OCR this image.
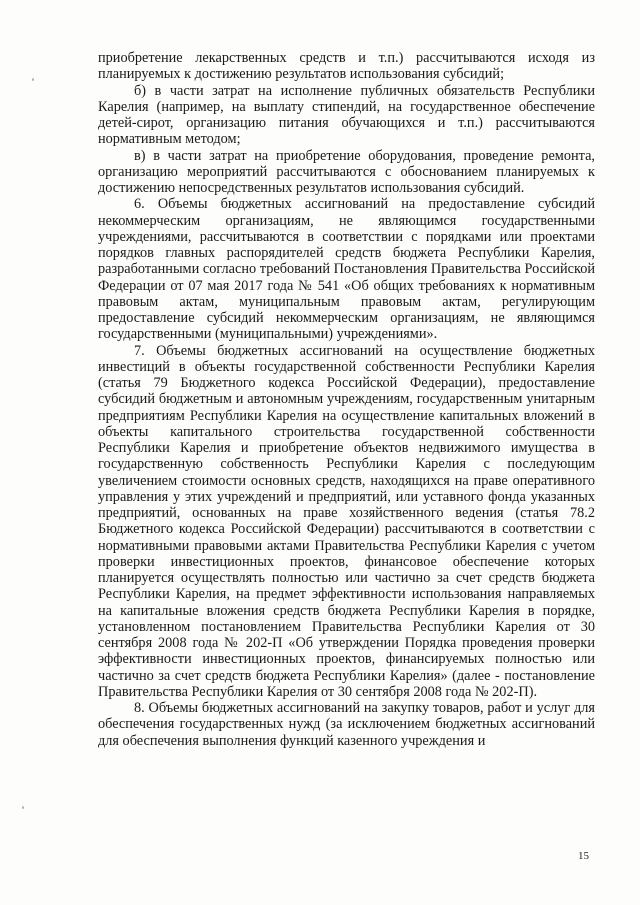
приобретение лекарственных средств и т.п.) рассчитываются исходя из планируемых к достижению результатов использования субсидий;

б) в части затрат на исполнение публичных обязательств Республики Карелия (например, на выплату стипендий, на государственное обеспечение детей-сирот, организацию питания обучающихся и т.п.) рассчитываются нормативным методом;

в) в части затрат на приобретение оборудования, проведение ремонта, организацию мероприятий рассчитываются с обоснованием планируемых к достижению непосредственных результатов использования субсидий.

6. Объемы бюджетных ассигнований на предоставление субсидий некоммерческим организациям, не являющимся государственными учреждениями, рассчитываются в соответствии с порядками или проектами порядков главных распорядителей средств бюджета Республики Карелия, разработанными согласно требований Постановления Правительства Российской Федерации от 07 мая 2017 года № 541 «Об общих требованиях к нормативным правовым актам, муниципальным правовым актам, регулирующим предоставление субсидий некоммерческим организациям, не являющимся государственными (муниципальными) учреждениями».

7. Объемы бюджетных ассигнований на осуществление бюджетных инвестиций в объекты государственной собственности Республики Карелия (статья 79 Бюджетного кодекса Российской Федерации), предоставление субсидий бюджетным и автономным учреждениям, государственным унитарным предприятиям Республики Карелия на осуществление капитальных вложений в объекты капитального строительства государственной собственности Республики Карелия и приобретение объектов недвижимого имущества в государственную собственность Республики Карелия с последующим увеличением стоимости основных средств, находящихся на праве оперативного управления у этих учреждений и предприятий, или уставного фонда указанных предприятий, основанных на праве хозяйственного ведения (статья 78.2 Бюджетного кодекса Российской Федерации) рассчитываются в соответствии с нормативными правовыми актами Правительства Республики Карелия с учетом проверки инвестиционных проектов, финансовое обеспечение которых планируется осуществлять полностью или частично за счет средств бюджета Республики Карелия, на предмет эффективности использования направляемых на капитальные вложения средств бюджета Республики Карелия в порядке, установленном постановлением Правительства Республики Карелия от 30 сентября 2008 года № 202-П «Об утверждении Порядка проведения проверки эффективности инвестиционных проектов, финансируемых полностью или частично за счет средств бюджета Республики Карелия» (далее - постановление Правительства Республики Карелия от 30 сентября 2008 года № 202-П).

8. Объемы бюджетных ассигнований на закупку товаров, работ и услуг для обеспечения государственных нужд (за исключением бюджетных ассигнований для обеспечения выполнения функций казенного учреждения и

15
